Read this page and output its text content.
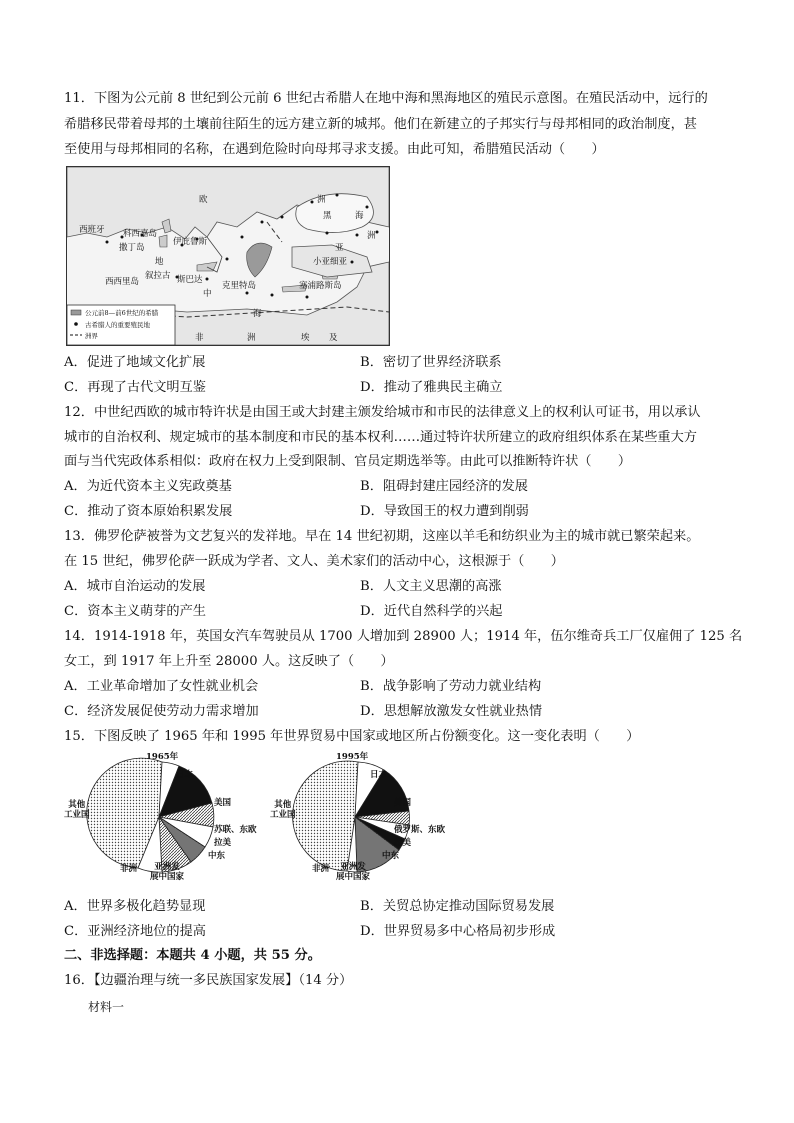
11．下图为公元前 8 世纪到公元前 6 世纪古希腊人在地中海和黑海地区的殖民示意图。在殖民活动中，远行的
希腊移民带着母邦的土壤前往陌生的远方建立新的城邦。他们在新建立的子邦实行与母邦相同的政治制度，甚
至使用与母邦相同的名称，在遇到危险时向母邦寻求支援。由此可知，希腊殖民活动（　　）
欧	洲
西班牙 科西嘉岛
撒丁岛
地
西西里岛
叙拉古 斯巴达
伊庇鲁斯
中
克里特岛
海
黑	海
亚
洲
小亚细亚
塞浦路斯岛
非	洲	埃 及
公元前8—前6世纪的希腊
古希腊人的重要殖民地
洲界
A．促进了地域文化扩展	B．密切了世界经济联系
C．再现了古代文明互鉴	D．推动了雅典民主确立
12．中世纪西欧的城市特许状是由国王或大封建主颁发给城市和市民的法律意义上的权利认可证书，用以承认
城市的自治权利、规定城市的基本制度和市民的基本权利……通过特许状所建立的政府组织体系在某些重大方
面与当代宪政体系相似：政府在权力上受到限制、官员定期选举等。由此可以推断特许状（　　）
A．为近代资本主义宪政奠基	B．阻碍封建庄园经济的发展
C．推动了资本原始积累发展	D．导致国王的权力遭到削弱
13．佛罗伦萨被誉为文艺复兴的发祥地。早在 14 世纪初期，这座以羊毛和纺织业为主的城市就已繁荣起来。
在 15 世纪，佛罗伦萨一跃成为学者、文人、美术家们的活动中心，这根源于（　　）
A．城市自治运动的发展	B．人文主义思潮的高涨
C．资本主义萌芽的产生	D．近代自然科学的兴起
14．1914-1918 年，英国女汽车驾驶员从 1700 人增加到 28900 人；1914 年，伍尔维奇兵工厂仅雇佣了 125 名
女工，到 1917 年上升至 28000 人。这反映了（　　）
A．工业革命增加了女性就业机会	B．战争影响了劳动力就业结构
C．经济发展促使劳动力需求增加	D．思想解放激发女性就业热情
15．下图反映了 1965 年和 1995 年世界贸易中国家或地区所占份额变化。这一变化表明（　　）
1965年
日本
美国
苏联、东欧
拉美
中东
亚洲发
展中国家
非洲
其他
工业国
1995年
日本
美国
俄罗斯、东欧
拉美
中东
亚洲发
展中国家
非洲
其他
工业国
A．世界多极化趋势显现	B．关贸总协定推动国际贸易发展
C．亚洲经济地位的提高	D．世界贸易多中心格局初步形成
二、非选择题：本题共 4 小题，共 55 分。
16．【边疆治理与统一多民族国家发展】（14 分）
材料一
